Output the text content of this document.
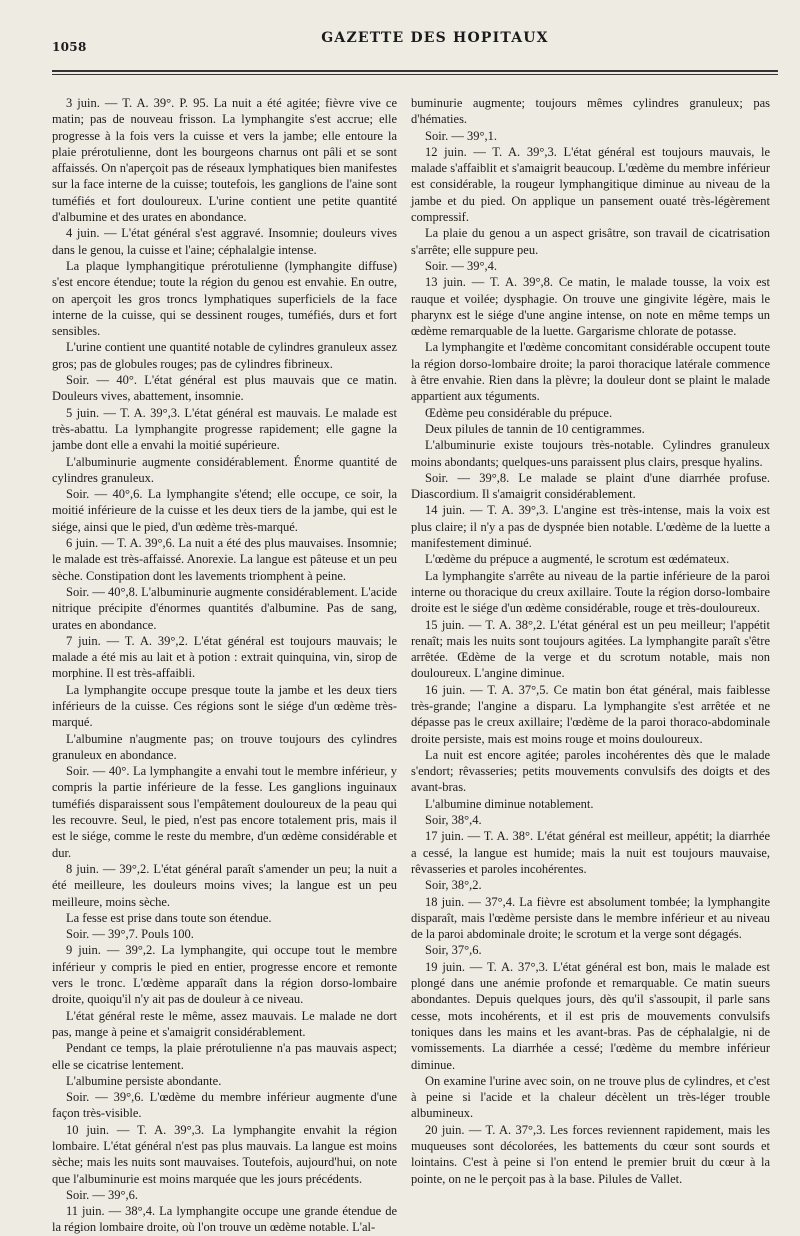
1058
GAZETTE DES HOPITAUX

3 juin. — T. A. 39°. P. 95. La nuit a été agitée; fièvre vive ce matin; pas de nouveau frisson. La lymphangite s'est accrue; elle progresse à la fois vers la cuisse et vers la jambe; elle entoure la plaie prérotulienne, dont les bourgeons charnus ont pâli et se sont affaissés. On n'aperçoit pas de réseaux lymphatiques bien manifestes sur la face interne de la cuisse; toutefois, les ganglions de l'aine sont tuméfiés et fort douloureux. L'urine contient une petite quantité d'albumine et des urates en abondance.

4 juin. — L'état général s'est aggravé. Insomnie; douleurs vives dans le genou, la cuisse et l'aine; céphalalgie intense.

La plaque lymphangitique prérotulienne (lymphangite diffuse) s'est encore étendue; toute la région du genou est envahie. En outre, on aperçoit les gros troncs lymphatiques superficiels de la face interne de la cuisse, qui se dessinent rouges, tuméfiés, durs et fort sensibles.

L'urine contient une quantité notable de cylindres granuleux assez gros; pas de globules rouges; pas de cylindres fibrineux.

Soir. — 40°. L'état général est plus mauvais que ce matin. Douleurs vives, abattement, insomnie.

5 juin. — T. A. 39°,3. L'état général est mauvais. Le malade est très-abattu. La lymphangite progresse rapidement; elle gagne la jambe dont elle a envahi la moitié supérieure.

L'albuminurie augmente considérablement. Énorme quantité de cylindres granuleux.

Soir. — 40°,6. La lymphangite s'étend; elle occupe, ce soir, la moitié inférieure de la cuisse et les deux tiers de la jambe, qui est le siége, ainsi que le pied, d'un œdème très-marqué.

6 juin. — T. A. 39°,6. La nuit a été des plus mauvaises. Insomnie; le malade est très-affaissé. Anorexie. La langue est pâteuse et un peu sèche. Constipation dont les lavements triomphent à peine.

Soir. — 40°,8. L'albuminurie augmente considérablement. L'acide nitrique précipite d'énormes quantités d'albumine. Pas de sang, urates en abondance.

7 juin. — T. A. 39°,2. L'état général est toujours mauvais; le malade a été mis au lait et à potion : extrait quinquina, vin, sirop de morphine. Il est très-affaibli.

La lymphangite occupe presque toute la jambe et les deux tiers inférieurs de la cuisse. Ces régions sont le siége d'un œdème très-marqué.

L'albumine n'augmente pas; on trouve toujours des cylindres granuleux en abondance.

Soir. — 40°. La lymphangite a envahi tout le membre inférieur, y compris la partie inférieure de la fesse. Les ganglions inguinaux tuméfiés disparaissent sous l'empâtement douloureux de la peau qui les recouvre. Seul, le pied, n'est pas encore totalement pris, mais il est le siége, comme le reste du membre, d'un œdème considérable et dur.

8 juin. — 39°,2. L'état général paraît s'amender un peu; la nuit a été meilleure, les douleurs moins vives; la langue est un peu meilleure, moins sèche.

La fesse est prise dans toute son étendue.

Soir. — 39°,7. Pouls 100.

9 juin. — 39°,2. La lymphangite, qui occupe tout le membre inférieur y compris le pied en entier, progresse encore et remonte vers le tronc. L'œdème apparaît dans la région dorso-lombaire droite, quoiqu'il n'y ait pas de douleur à ce niveau.

L'état général reste le même, assez mauvais. Le malade ne dort pas, mange à peine et s'amaigrit considérablement.

Pendant ce temps, la plaie prérotulienne n'a pas mauvais aspect; elle se cicatrise lentement.

L'albumine persiste abondante.

Soir. — 39°,6. L'œdème du membre inférieur augmente d'une façon très-visible.

10 juin. — T. A. 39°,3. La lymphangite envahit la région lombaire. L'état général n'est pas plus mauvais. La langue est moins sèche; mais les nuits sont mauvaises. Toutefois, aujourd'hui, on note que l'albuminurie est moins marquée que les jours précédents.

Soir. — 39°,6.

11 juin. — 38°,4. La lymphangite occupe une grande étendue de la région lombaire droite, où l'on trouve un œdème notable. L'al-

buminurie augmente; toujours mêmes cylindres granuleux; pas d'hématies.

Soir. — 39°,1.

12 juin. — T. A. 39°,3. L'état général est toujours mauvais, le malade s'affaiblit et s'amaigrit beaucoup. L'œdème du membre inférieur est considérable, la rougeur lymphangitique diminue au niveau de la jambe et du pied. On applique un pansement ouaté très-légèrement compressif.

La plaie du genou a un aspect grisâtre, son travail de cicatrisation s'arrête; elle suppure peu.

Soir. — 39°,4.

13 juin. — T. A. 39°,8. Ce matin, le malade tousse, la voix est rauque et voilée; dysphagie. On trouve une gingivite légère, mais le pharynx est le siége d'une angine intense, on note en même temps un œdème remarquable de la luette. Gargarisme chlorate de potasse.

La lymphangite et l'œdème concomitant considérable occupent toute la région dorso-lombaire droite; la paroi thoracique latérale commence à être envahie. Rien dans la plèvre; la douleur dont se plaint le malade appartient aux téguments.

Œdème peu considérable du prépuce.

Deux pilules de tannin de 10 centigrammes.

L'albuminurie existe toujours très-notable. Cylindres granuleux moins abondants; quelques-uns paraissent plus clairs, presque hyalins.

Soir. — 39°,8. Le malade se plaint d'une diarrhée profuse. Diascordium. Il s'amaigrit considérablement.

14 juin. — T. A. 39°,3. L'angine est très-intense, mais la voix est plus claire; il n'y a pas de dyspnée bien notable. L'œdème de la luette a manifestement diminué.

L'œdème du prépuce a augmenté, le scrotum est œdémateux.

La lymphangite s'arrête au niveau de la partie inférieure de la paroi interne ou thoracique du creux axillaire. Toute la région dorso-lombaire droite est le siége d'un œdème considérable, rouge et très-douloureux.

15 juin. — T. A. 38°,2. L'état général est un peu meilleur; l'appétit renaît; mais les nuits sont toujours agitées. La lymphangite paraît s'être arrêtée. Œdème de la verge et du scrotum notable, mais non douloureux. L'angine diminue.

16 juin. — T. A. 37°,5. Ce matin bon état général, mais faiblesse très-grande; l'angine a disparu. La lymphangite s'est arrêtée et ne dépasse pas le creux axillaire; l'œdème de la paroi thoraco-abdominale droite persiste, mais est moins rouge et moins douloureux.

La nuit est encore agitée; paroles incohérentes dès que le malade s'endort; rêvasseries; petits mouvements convulsifs des doigts et des avant-bras.

L'albumine diminue notablement.

Soir, 38°,4.

17 juin. — T. A. 38°. L'état général est meilleur, appétit; la diarrhée a cessé, la langue est humide; mais la nuit est toujours mauvaise, rêvasseries et paroles incohérentes.

Soir, 38°,2.

18 juin. — 37°,4. La fièvre est absolument tombée; la lymphangite disparaît, mais l'œdème persiste dans le membre inférieur et au niveau de la paroi abdominale droite; le scrotum et la verge sont dégagés.

Soir, 37°,6.

19 juin. — T. A. 37°,3. L'état général est bon, mais le malade est plongé dans une anémie profonde et remarquable. Ce matin sueurs abondantes. Depuis quelques jours, dès qu'il s'assoupit, il parle sans cesse, mots incohérents, et il est pris de mouvements convulsifs toniques dans les mains et les avant-bras. Pas de céphalalgie, ni de vomissements. La diarrhée a cessé; l'œdème du membre inférieur diminue.

On examine l'urine avec soin, on ne trouve plus de cylindres, et c'est à peine si l'acide et la chaleur décèlent un très-léger trouble albumineux.

20 juin. — T. A. 37°,3. Les forces reviennent rapidement, mais les muqueuses sont décolorées, les battements du cœur sont sourds et lointains. C'est à peine si l'on entend le premier bruit du cœur à la pointe, on ne le perçoit pas à la base. Pilules de Vallet.
